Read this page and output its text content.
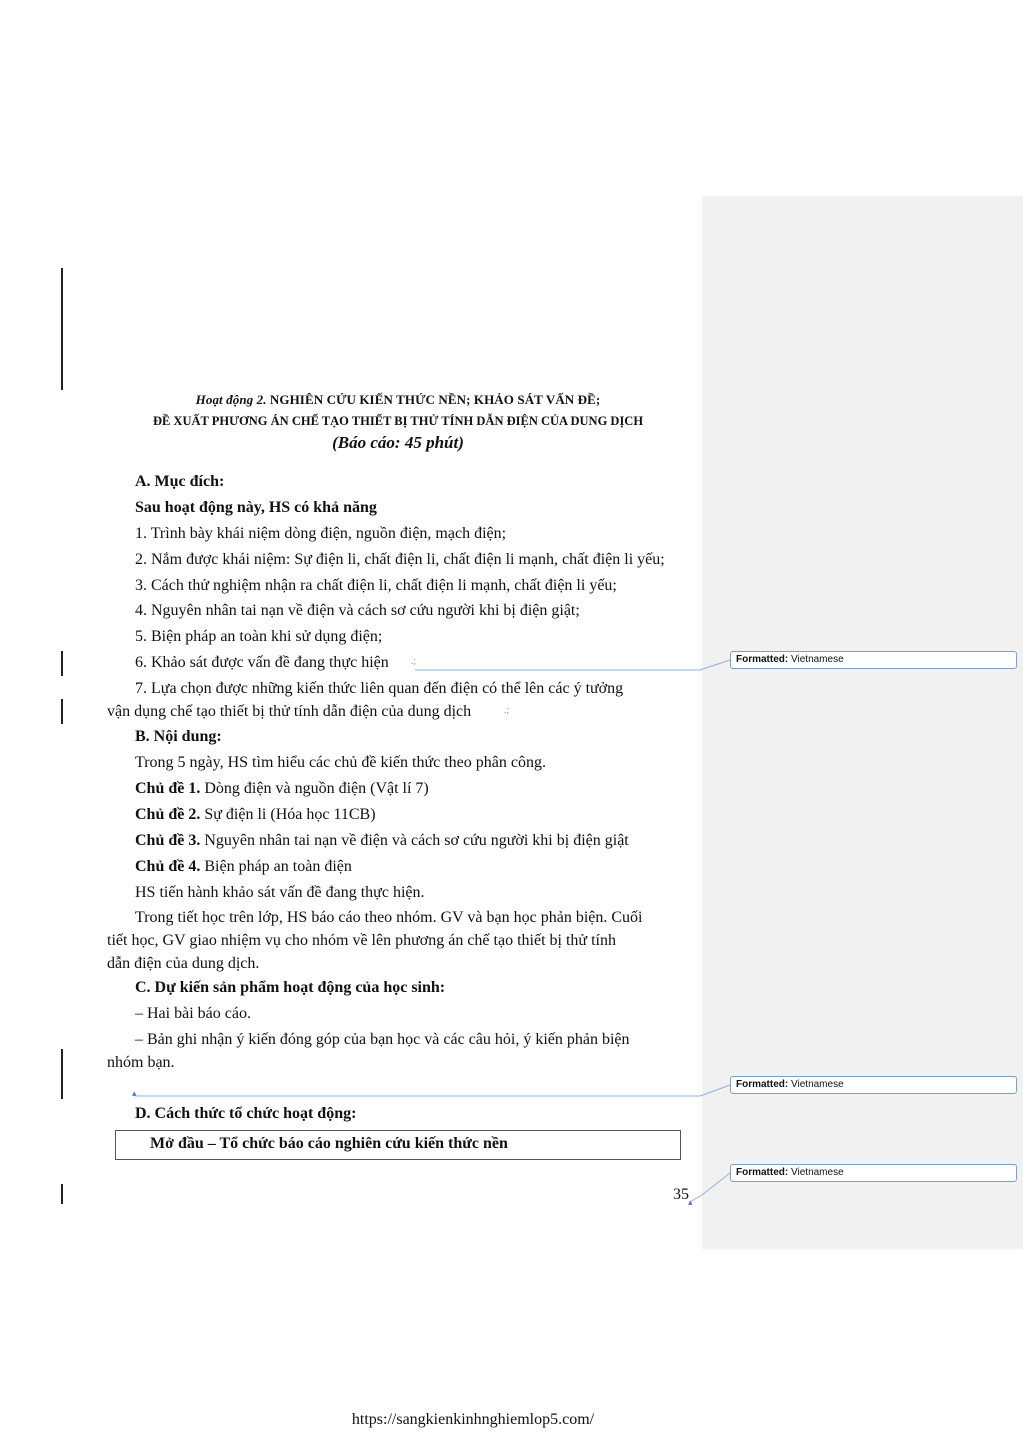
Hoạt động 2. NGHIÊN CỨU KIẾN THỨC NỀN; KHẢO SÁT VẤN ĐỀ;
ĐỀ XUẤT PHƯƠNG ÁN CHẾ TẠO THIẾT BỊ THỬ TÍNH DẪN ĐIỆN CỦA DUNG DỊCH
(Báo cáo: 45 phút)
A. Mục đích:
Sau hoạt động này, HS có khả năng
1. Trình bày khái niệm dòng điện, nguồn điện, mạch điện;
2. Nắm được khái niệm: Sự điện li, chất điện li, chất điện li mạnh, chất điện li yếu;
3. Cách thử nghiệm nhận ra chất điện li, chất điện li mạnh, chất điện li yếu;
4. Nguyên nhân tai nạn về điện và cách sơ cứu người khi bị điện giật;
5. Biện pháp an toàn khi sử dụng điện;
6. Khảo sát được vấn đề đang thực hiện .;
7. Lựa chọn được những kiến thức liên quan đến điện có thể lên các ý tưởng
vận dụng chế tạo thiết bị thử tính dẫn điện của dung dịch	.;
B. Nội dung:
Trong 5 ngày, HS tìm hiểu các chủ đề kiến thức theo phân công.
Chủ đề 1. Dòng điện và nguồn điện (Vật lí 7)
Chủ đề 2. Sự điện li (Hóa học 11CB)
Chủ đề 3. Nguyên nhân tai nạn về điện và cách sơ cứu người khi bị điện giật
Chủ đề 4. Biện pháp an toàn điện
HS tiến hành khảo sát vấn đề đang thực hiện.
Trong tiết học trên lớp, HS báo cáo theo nhóm. GV và bạn học phản biện. Cuối
tiết học, GV giao nhiệm vụ cho nhóm về lên phương án chế tạo thiết bị thử tính
dẫn điện của dung dịch.
C. Dự kiến sản phẩm hoạt động của học sinh:
– Hai bài báo cáo.
– Bản ghi nhận ý kiến đóng góp của bạn học và các câu hỏi, ý kiến phản biện
nhóm bạn.
▴
D. Cách thức tổ chức hoạt động:
Mở đầu – Tổ chức báo cáo nghiên cứu kiến thức nền
35 ▴
Formatted: Vietnamese
Formatted: Vietnamese
Formatted: Vietnamese
https://sangkienkinhnghiemlop5.com/
